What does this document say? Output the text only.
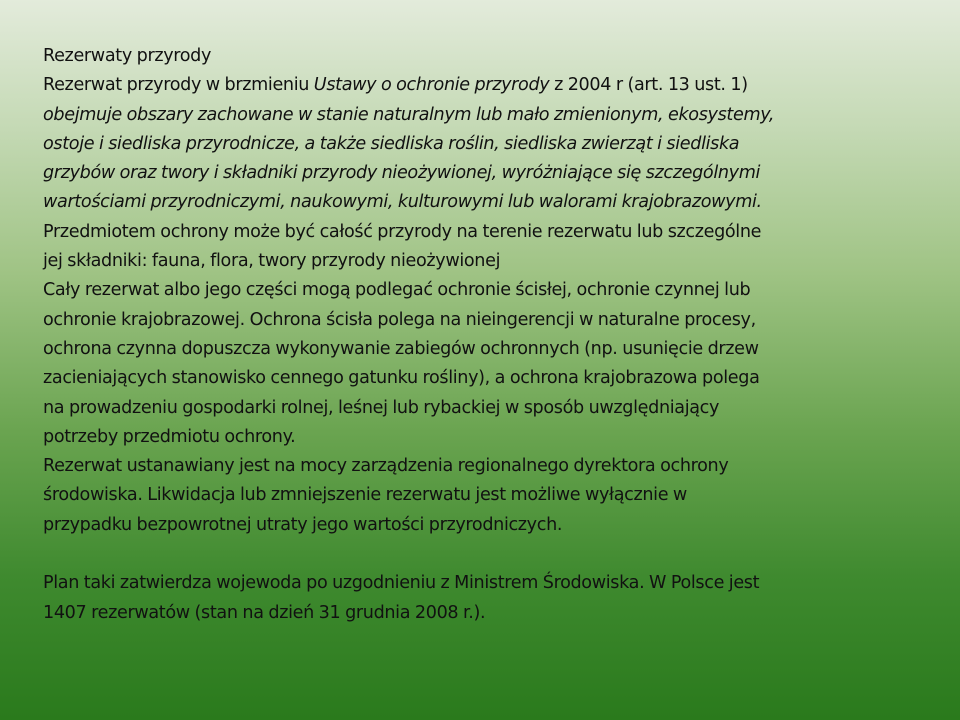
Rezerwaty przyrody
Rezerwat przyrody w brzmieniu Ustawy o ochronie przyrody z 2004 r (art. 13 ust. 1)
obejmuje obszary zachowane w stanie naturalnym lub mało zmienionym, ekosystemy,
ostoje i siedliska przyrodnicze, a także siedliska roślin, siedliska zwierząt i siedliska
grzybów oraz twory i składniki przyrody nieożywionej, wyróżniające się szczególnymi
wartościami przyrodniczymi, naukowymi, kulturowymi lub walorami krajobrazowymi.
Przedmiotem ochrony może być całość przyrody na terenie rezerwatu lub szczególne
jej składniki: fauna, flora, twory przyrody nieożywionej
Cały rezerwat albo jego części mogą podlegać ochronie ścisłej, ochronie czynnej lub
ochronie krajobrazowej. Ochrona ścisła polega na nieingerencji w naturalne procesy,
ochrona czynna dopuszcza wykonywanie zabiegów ochronnych (np. usunięcie drzew
zacieniających stanowisko cennego gatunku rośliny), a ochrona krajobrazowa polega
na prowadzeniu gospodarki rolnej, leśnej lub rybackiej w sposób uwzględniający
potrzeby przedmiotu ochrony.
Rezerwat ustanawiany jest na mocy zarządzenia regionalnego dyrektora ochrony
środowiska. Likwidacja lub zmniejszenie rezerwatu jest możliwe wyłącznie w
przypadku bezpowrotnej utraty jego wartości przyrodniczych.
Plan taki zatwierdza wojewoda po uzgodnieniu z Ministrem Środowiska. W Polsce jest
1407 rezerwatów (stan na dzień 31 grudnia 2008 r.).
